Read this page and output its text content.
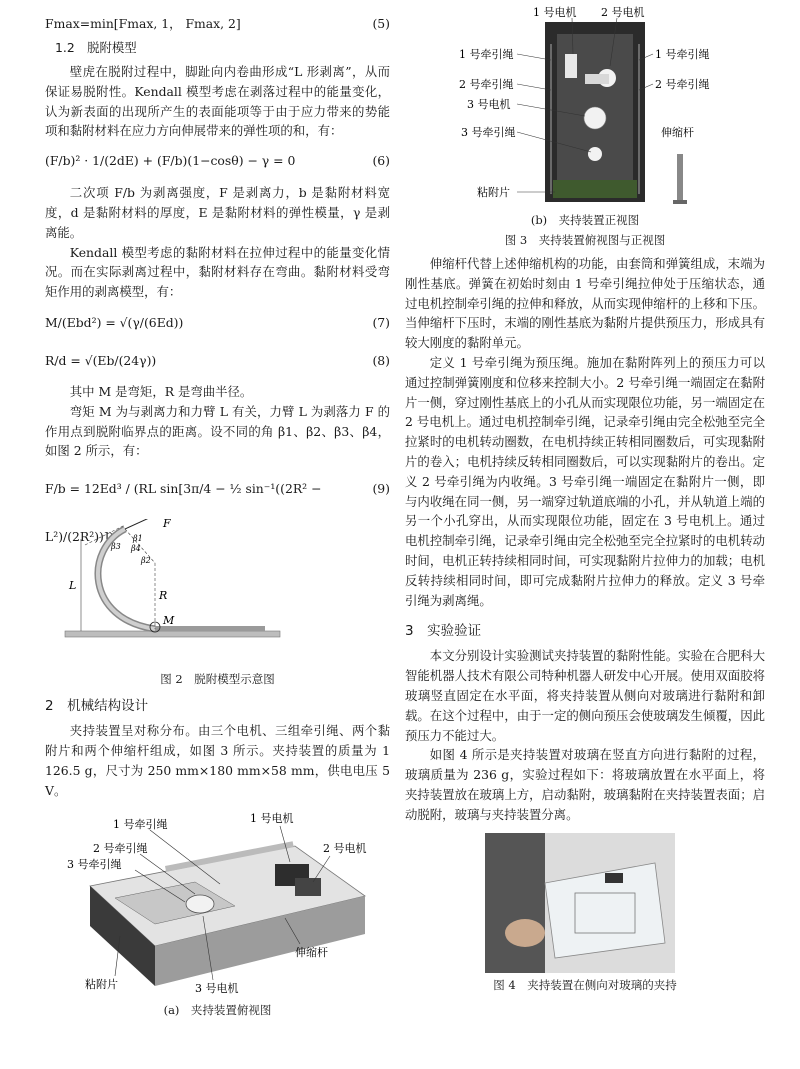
Fmax=min[Fmax, 1， Fmax, 2]	(5)
1.2　脱附模型

壁虎在脱附过程中，脚趾向内卷曲形成“L 形剥离”，从而保证易脱附性。Kendall 模型考虑在剥落过程中的能量变化，认为新表面的出现所产生的表面能项等于由于应力带来的势能项和黏附材料在应力方向伸展带来的弹性项的和，有：

(F/b)² · 1/(2dE) + (F/b)(1−cosθ) − γ = 0	(6)

二次项 F/b 为剥离强度，F 是剥离力，b 是黏附材料宽度，d 是黏附材料的厚度，E 是黏附材料的弹性模量，γ 是剥离能。

Kendall 模型考虑的黏附材料在拉伸过程中的能量变化情况。而在实际剥离过程中，黏附材料存在弯曲。黏附材料受弯矩作用的剥离模型，有：

M/(Ebd²) = √(γ/(6Ed))	(7)
R/d = √(Eb/(24γ))	(8)

其中 M 是弯矩，R 是弯曲半径。

弯矩 M 为与剥离力和力臂 L 有关，力臂 L 为剥落力 F 的作用点到脱附临界点的距离。设不同的角 β1、β2、β3、β4，如图 2 所示，有：

F/b = 12Ed³ / (RL sin[3π/4 − ½ sin⁻¹((2R² − L²)/(2R²))])
(9)
F
L
R
M
β1
β2
β3 β4
图 2　脱附模型示意图
2　机械结构设计

夹持装置呈对称分布。由三个电机、三组牵引绳、两个黏附片和两个伸缩杆组成，如图 3 所示。夹持装置的质量为 1 126.5 g，尺寸为 250 mm×180 mm×58 mm，供电电压 5 V。

1 号牵引绳	1 号电机
2 号牵引绳	2 号电机
3 号牵引绳
伸缩杆
粘附片	3 号电机
(a)　夹持装置俯视图
1 号电机 2 号电机
1 号牵引绳	1 号牵引绳
2 号牵引绳	2 号牵引绳
3 号电机
3 号牵引绳	伸缩杆
粘附片
(b)　夹持装置正视图
图 3　夹持装置俯视图与正视图

伸缩杆代替上述伸缩机构的功能，由套筒和弹簧组成，末端为刚性基底。弹簧在初始时刻由 1 号牵引绳拉伸处于压缩状态，通过电机控制牵引绳的拉伸和释放，从而实现伸缩杆的上移和下压。当伸缩杆下压时，末端的刚性基底为黏附片提供预压力，形成具有较大刚度的黏附单元。

定义 1 号牵引绳为预压绳。施加在黏附阵列上的预压力可以通过控制弹簧刚度和位移来控制大小。2 号牵引绳一端固定在黏附片一侧，穿过刚性基底上的小孔从而实现限位功能，另一端固定在 2 号电机上。通过电机控制牵引绳，记录牵引绳由完全松弛至完全拉紧时的电机转动圈数，在电机持续正转相同圈数后，可实现黏附片的卷入；电机持续反转相同圈数后，可以实现黏附片的卷出。定义 2 号牵引绳为内收绳。3 号牵引绳一端固定在黏附片一侧，即与内收绳在同一侧，另一端穿过轨道底端的小孔，并从轨道上端的另一个小孔穿出，从而实现限位功能，固定在 3 号电机上。通过电机控制牵引绳，记录牵引绳由完全松弛至完全拉紧时的电机转动时间，电机正转持续相同时间，可实现黏附片拉伸力的加载；电机反转持续相同时间，即可完成黏附片拉伸力的释放。定义 3 号牵引绳为剥离绳。

3　实验验证

本文分别设计实验测试夹持装置的黏附性能。实验在合肥科大智能机器人技术有限公司特种机器人研发中心开展。使用双面胶将玻璃竖直固定在水平面，将夹持装置从侧向对玻璃进行黏附和卸载。在这个过程中，由于一定的侧向预压会使玻璃发生倾覆，因此预压力不能过大。

如图 4 所示是夹持装置对玻璃在竖直方向进行黏附的过程，玻璃质量为 236 g，实验过程如下：将玻璃放置在水平面上，将夹持装置放在玻璃上方，启动黏附，玻璃黏附在夹持装置表面；启动脱附，玻璃与夹持装置分离。

图 4　夹持装置在侧向对玻璃的夹持
